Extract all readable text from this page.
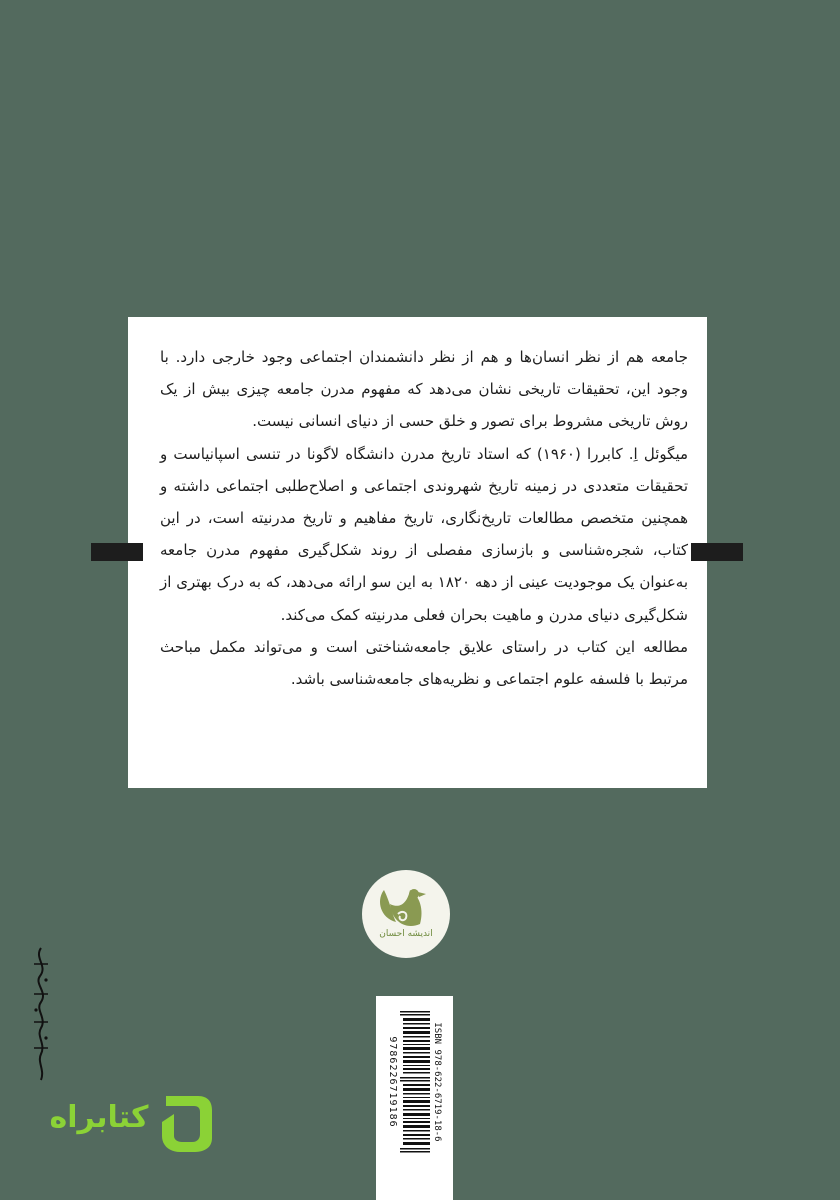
جامعه هم از نظر انسان‌ها و هم از نظر دانشمندان اجتماعی وجود خارجی دارد. با وجود این، تحقیقات تاریخی نشان می‌دهد که مفهوم مدرن جامعه چیزی بیش از یک روش تاریخی مشروط برای تصور و خلق حسی از دنیای انسانی نیست.

میگوئل اِ. کابررا (۱۹۶۰) که استاد تاریخ مدرن دانشگاه لاگونا در تنسی اسپانیاست و تحقیقات متعددی در زمینه تاریخ شهروندی اجتماعی و اصلاح‌طلبی اجتماعی داشته و همچنین متخصص مطالعات تاریخ‌نگاری، تاریخ مفاهیم و تاریخ مدرنیته است، در این کتاب، شجره‌شناسی و بازسازی مفصلی از روند شکل‌گیری مفهوم مدرن جامعه به‌عنوان یک موجودیت عینی از دهه ۱۸۲۰ به این سو ارائه می‌دهد، که به درک بهتری از شکل‌گیری دنیای مدرن و ماهیت بحران فعلی مدرنیته کمک می‌کند.

مطالعه این کتاب در راستای علایق جامعه‌شناختی است و می‌تواند مکمل مباحث مرتبط با فلسفه علوم اجتماعی و نظریه‌های جامعه‌شناسی باشد.

اندیشه احسان
ISBN 978-622-6719-18-6
9786226719186
کتابراه
